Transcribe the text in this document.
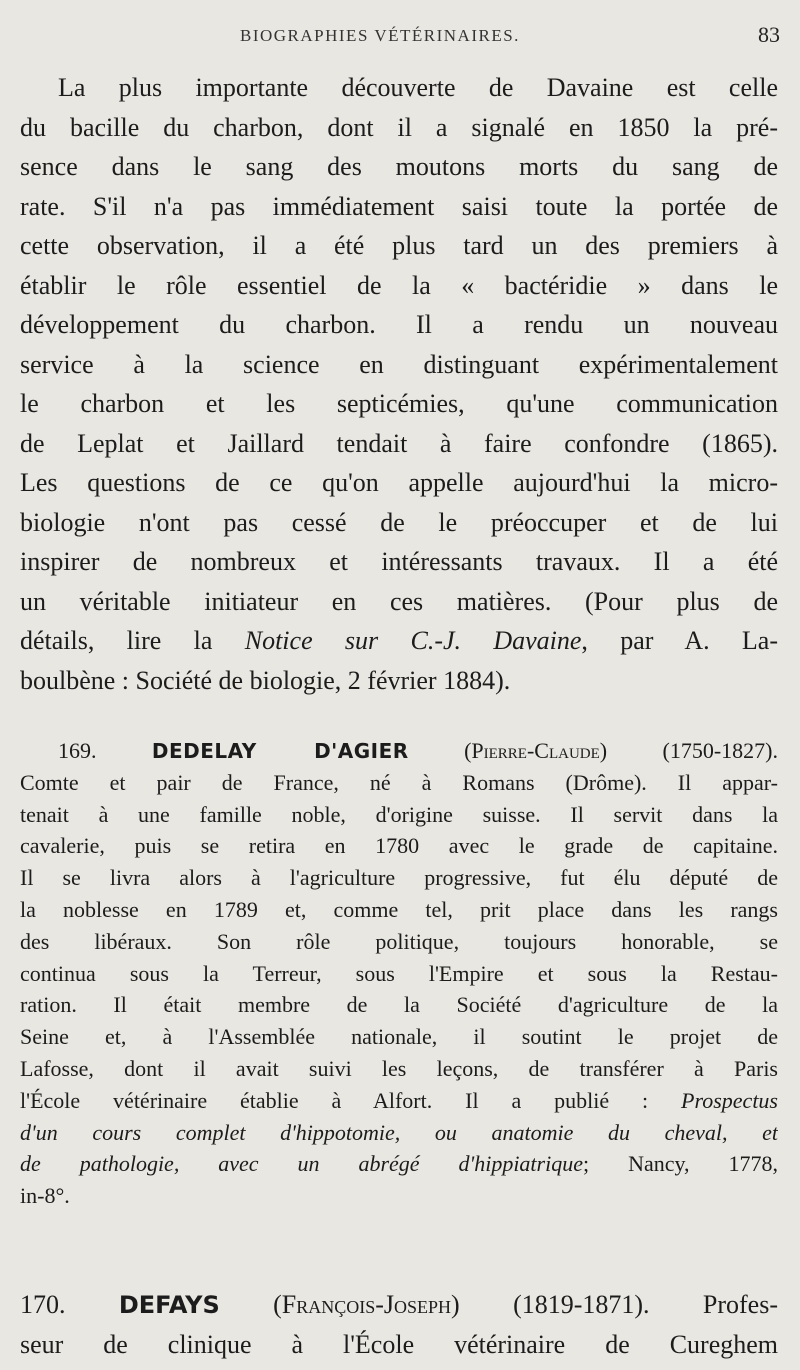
BIOGRAPHIES VÉTÉRINAIRES.	83
La plus importante découverte de Davaine est celle
du bacille du charbon, dont il a signalé en 1850 la pré-
sence dans le sang des moutons morts du sang de
rate. S'il n'a pas immédiatement saisi toute la portée de
cette observation, il a été plus tard un des premiers à
établir le rôle essentiel de la « bactéridie » dans le
développement du charbon. Il a rendu un nouveau
service à la science en distinguant expérimentalement
le charbon et les septicémies, qu'une communication
de Leplat et Jaillard tendait à faire confondre (1865).
Les questions de ce qu'on appelle aujourd'hui la micro-
biologie n'ont pas cessé de le préoccuper et de lui
inspirer de nombreux et intéressants travaux. Il a été
un véritable initiateur en ces matières. (Pour plus de
détails, lire la Notice sur C.-J. Davaine, par A. La-
boulbène : Société de biologie, 2 février 1884).
169.	DEDELAY D'AGIER	(Pierre-Claude)	(1750-1827).
Comte et pair de France, né à Romans (Drôme). Il appar-
tenait à une famille noble, d'origine suisse. Il servit dans la
cavalerie, puis se retira en 1780 avec le grade de capitaine.
Il se livra alors à l'agriculture progressive, fut élu député de
la noblesse en 1789 et, comme tel, prit place dans les rangs
des libéraux. Son rôle politique, toujours honorable, se
continua sous la Terreur, sous l'Empire et sous la Restau-
ration. Il était membre de la Société d'agriculture de la
Seine et, à l'Assemblée nationale, il soutint le projet de
Lafosse, dont il avait suivi les leçons, de transférer à Paris
l'École vétérinaire établie à Alfort. Il a publié : Prospectus
d'un cours complet d'hippotomie, ou anatomie du cheval, et
de pathologie, avec un abrégé d'hippiatrique; Nancy, 1778,
in-8°.
170. DEFAYS (François-Joseph) (1819-1871). Profes-
seur de clinique à l'École vétérinaire de Cureghem
